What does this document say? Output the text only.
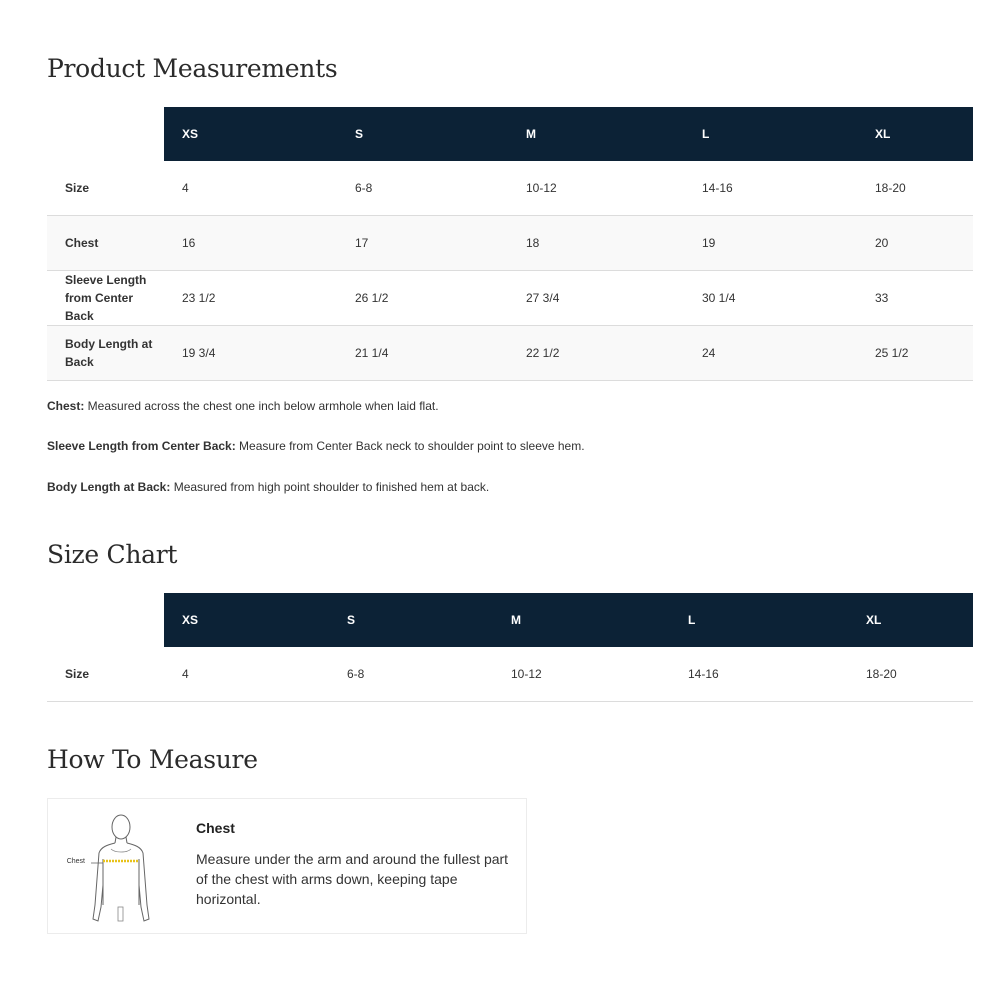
Product Measurements
	XS	S	M	L	XL
Size	4	6-8	10-12	14-16	18-20
Chest	16	17	18	19	20
Sleeve Length from Center Back	23 1/2	26 1/2	27 3/4	30 1/4	33
Body Length at Back	19 3/4	21 1/4	22 1/2	24	25 1/2

Chest: Measured across the chest one inch below armhole when laid flat.

Sleeve Length from Center Back: Measure from Center Back neck to shoulder point to sleeve hem.

Body Length at Back: Measured from high point shoulder to finished hem at back.

Size Chart
	XS	S	M	L	XL
Size	4	6-8	10-12	14-16	18-20
How To Measure
Chest

Chest

Measure under the arm and around the fullest part of the chest with arms down, keeping tape horizontal.
